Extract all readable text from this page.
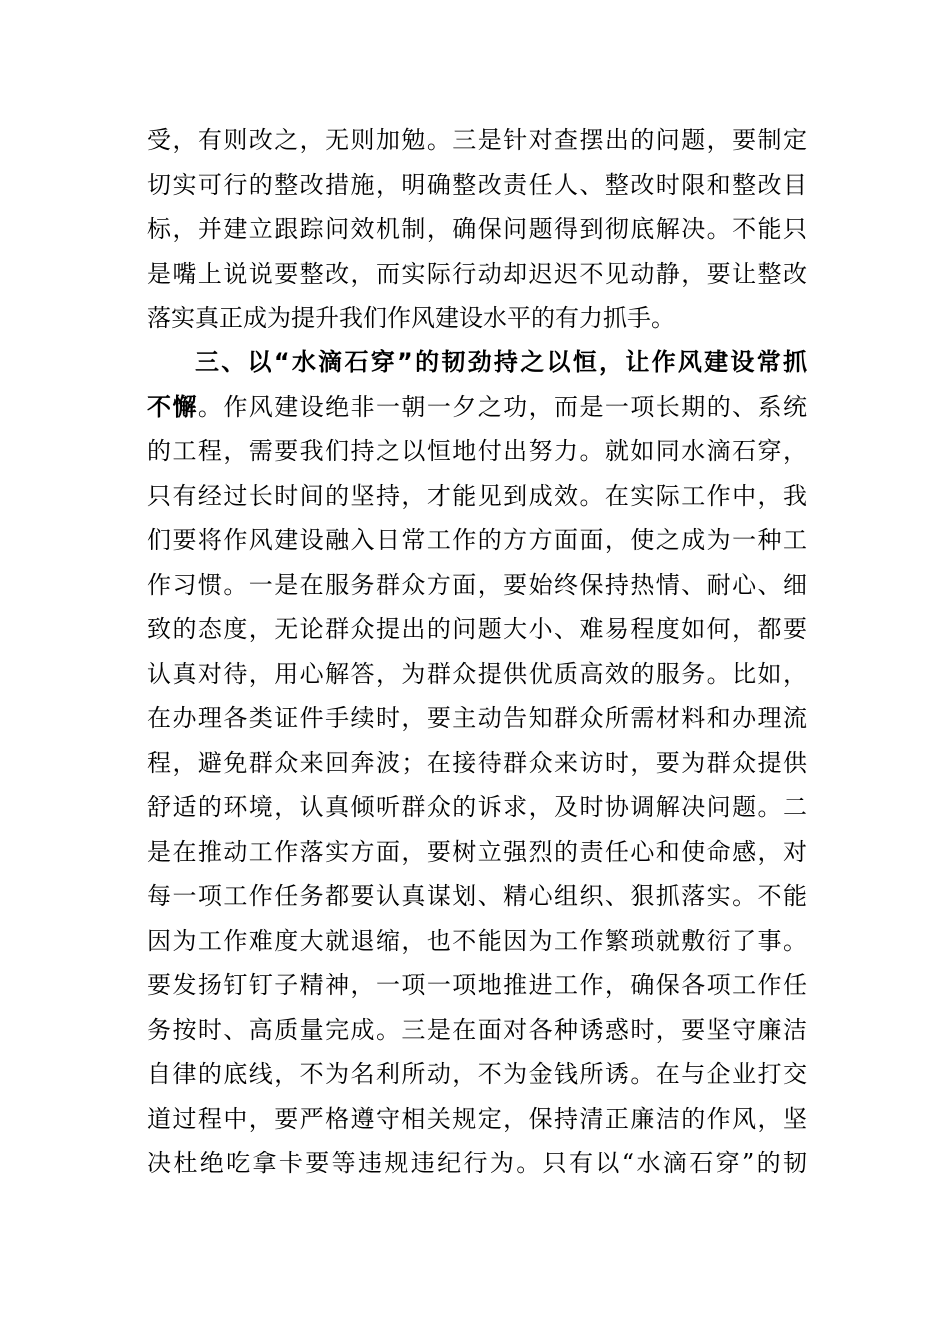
受，有则改之，无则加勉。三是针对查摆出的问题，要制定
切实可行的整改措施，明确整改责任人、整改时限和整改目
标，并建立跟踪问效机制，确保问题得到彻底解决。不能只
是嘴上说说要整改，而实际行动却迟迟不见动静，要让整改
落实真正成为提升我们作风建设水平的有力抓手。
三、以“水滴石穿”的韧劲持之以恒，让作风建设常抓
不懈。作风建设绝非一朝一夕之功，而是一项长期的、系统
的工程，需要我们持之以恒地付出努力。就如同水滴石穿，
只有经过长时间的坚持，才能见到成效。在实际工作中，我
们要将作风建设融入日常工作的方方面面，使之成为一种工
作习惯。一是在服务群众方面，要始终保持热情、耐心、细
致的态度，无论群众提出的问题大小、难易程度如何，都要
认真对待，用心解答，为群众提供优质高效的服务。比如，
在办理各类证件手续时，要主动告知群众所需材料和办理流
程，避免群众来回奔波；在接待群众来访时，要为群众提供
舒适的环境，认真倾听群众的诉求，及时协调解决问题。二
是在推动工作落实方面，要树立强烈的责任心和使命感，对
每一项工作任务都要认真谋划、精心组织、狠抓落实。不能
因为工作难度大就退缩，也不能因为工作繁琐就敷衍了事。
要发扬钉钉子精神，一项一项地推进工作，确保各项工作任
务按时、高质量完成。三是在面对各种诱惑时，要坚守廉洁
自律的底线，不为名利所动，不为金钱所诱。在与企业打交
道过程中，要严格遵守相关规定，保持清正廉洁的作风，坚
决杜绝吃拿卡要等违规违纪行为。只有以“水滴石穿”的韧
